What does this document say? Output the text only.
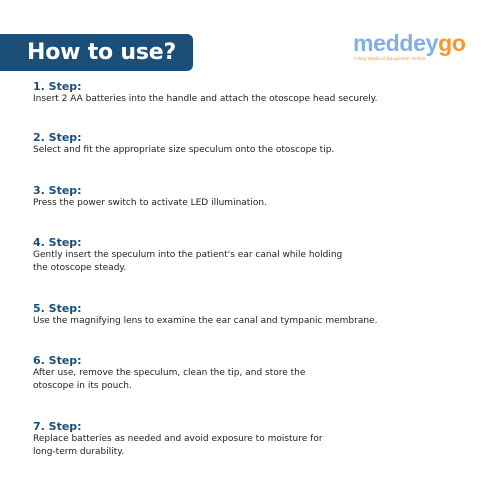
How to use?	meddeygo
A Buy Medical Equipment Online
1. Step:
Insert 2 AA batteries into the handle and attach the otoscope head securely.
2. Step:
Select and fit the appropriate size speculum onto the otoscope tip.
3. Step:
Press the power switch to activate LED illumination.
4. Step:
Gently insert the speculum into the patient's ear canal while holding
the otoscope steady.
5. Step:
Use the magnifying lens to examine the ear canal and tympanic membrane.
6. Step:
After use, remove the speculum, clean the tip, and store the
otoscope in its pouch.
7. Step:
Replace batteries as needed and avoid exposure to moisture for
long-term durability.
